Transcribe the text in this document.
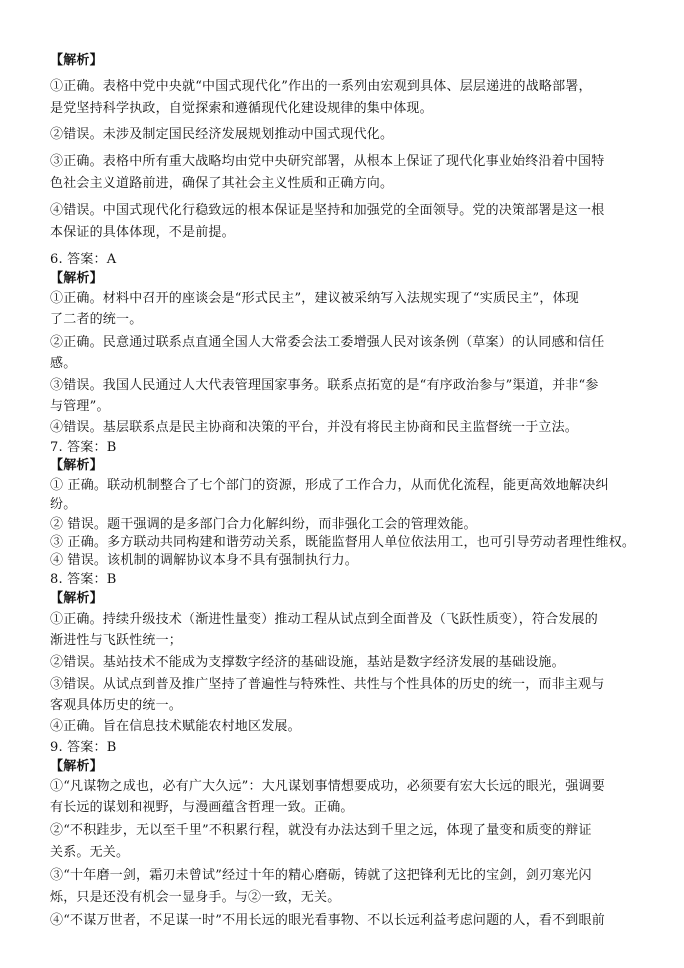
【解析】
①正确。表格中党中央就“中国式现代化”作出的一系列由宏观到具体、层层递进的战略部署，
是党坚持科学执政，自觉探索和遵循现代化建设规律的集中体现。
②错误。未涉及制定国民经济发展规划推动中国式现代化。
③正确。表格中所有重大战略均由党中央研究部署，从根本上保证了现代化事业始终沿着中国特
色社会主义道路前进，确保了其社会主义性质和正确方向。
④错误。中国式现代化行稳致远的根本保证是坚持和加强党的全面领导。党的决策部署是这一根
本保证的具体体现，不是前提。
6. 答案：A
【解析】
①正确。材料中召开的座谈会是“形式民主”，建议被采纳写入法规实现了“实质民主”，体现
了二者的统一。
②正确。民意通过联系点直通全国人大常委会法工委增强人民对该条例（草案）的认同感和信任
感。
③错误。我国人民通过人大代表管理国家事务。联系点拓宽的是“有序政治参与”渠道，并非“参
与管理”。
④错误。基层联系点是民主协商和决策的平台，并没有将民主协商和民主监督统一于立法。
7. 答案：B
【解析】
① 正确。联动机制整合了七个部门的资源，形成了工作合力，从而优化流程，能更高效地解决纠
纷。
② 错误。题干强调的是多部门合力化解纠纷，而非强化工会的管理效能。
③ 正确。多方联动共同构建和谐劳动关系，既能监督用人单位依法用工，也可引导劳动者理性维权。
④ 错误。该机制的调解协议本身不具有强制执行力。
8. 答案：B
【解析】
①正确。持续升级技术（渐进性量变）推动工程从试点到全面普及（飞跃性质变），符合发展的
渐进性与飞跃性统一；
②错误。基站技术不能成为支撑数字经济的基础设施，基站是数字经济发展的基础设施。
③错误。从试点到普及推广坚持了普遍性与特殊性、共性与个性具体的历史的统一，而非主观与
客观具体历史的统一。
④正确。旨在信息技术赋能农村地区发展。
9. 答案：B
【解析】
①“凡谋物之成也，必有广大久远”：大凡谋划事情想要成功，必须要有宏大长远的眼光，强调要
有长远的谋划和视野，与漫画蕴含哲理一致。正确。
②“不积跬步，无以至千里”不积累行程，就没有办法达到千里之远，体现了量变和质变的辩证
关系。无关。
③“十年磨一剑，霜刃未曾试”经过十年的精心磨砺，铸就了这把锋利无比的宝剑，剑刃寒光闪
烁，只是还没有机会一显身手。与②一致，无关。
④“不谋万世者，不足谋一时”不用长远的眼光看事物、不以长远利益考虑问题的人，看不到眼前
